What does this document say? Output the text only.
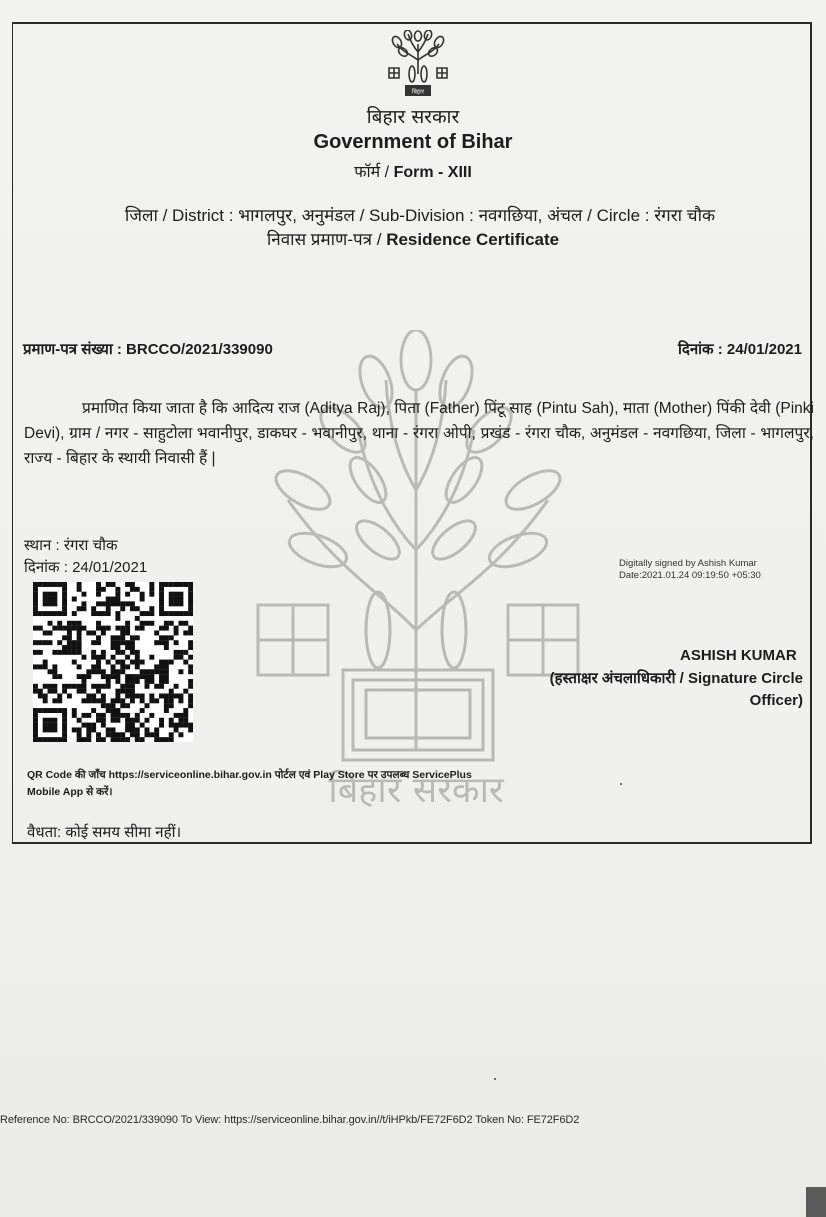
बिहार
बिहार सरकार
बिहार सरकार
Government of Bihar
फॉर्म / Form - XIII
जिला / District : भागलपुर, अनुमंडल / Sub-Division : नवगछिया, अंचल / Circle : रंगरा चौक
निवास प्रमाण-पत्र / Residence Certificate
प्रमाण-पत्र संख्या : BRCCO/2021/339090	दिनांक : 24/01/2021
प्रमाणित किया जाता है कि आदित्य राज (Aditya Raj), पिता (Father) पिंटू साह (Pintu Sah), माता (Mother) पिंकी देवी (Pinki Devi), ग्राम / नगर - साहुटोला भवानीपुर, डाकघर - भवानीपुर, थाना - रंगरा ओपी, प्रखंड - रंगरा चौक, अनुमंडल - नवगछिया, जिला - भागलपुर, राज्य - बिहार के स्थायी निवासी हैं |
स्थान : रंगरा चौक
दिनांक : 24/01/2021	Digitally signed by Ashish Kumar
Date:2021.01.24 09:19:50 +05:30
ASHISH KUMAR
(हस्ताक्षर अंचलाधिकारी / Signature Circle
Officer)
QR Code की जाँच https://serviceonline.bihar.gov.in पोर्टल एवं Play Store पर उपलब्ध ServicePlus
Mobile App से करें।
वैधता: कोई समय सीमा नहीं।
Reference No: BRCCO/2021/339090 To View: https://serviceonline.bihar.gov.in//t/iHPkb/FE72F6D2 Token No: FE72F6D2
